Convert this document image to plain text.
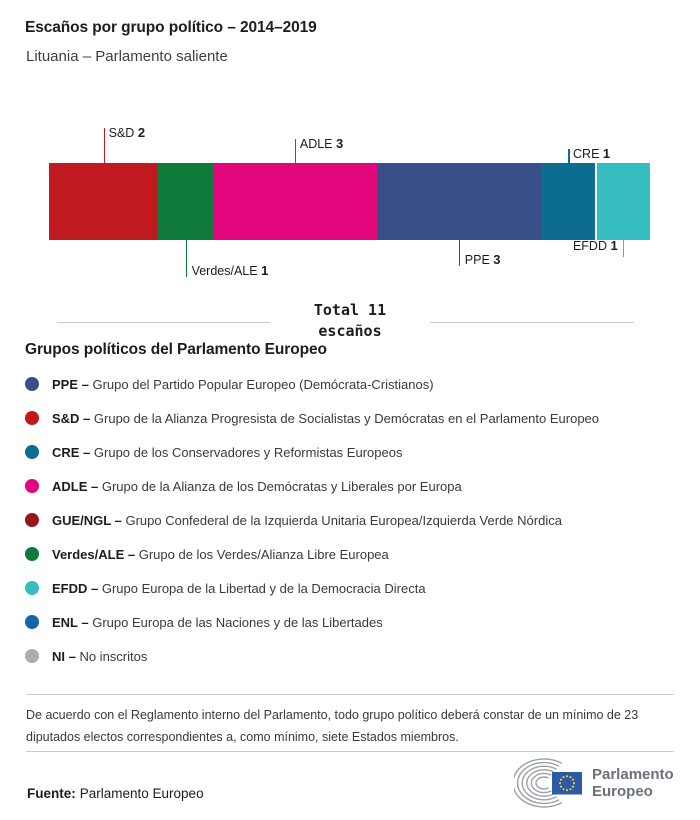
Escaños por grupo político – 2014–2019
Lituania – Parlamento saliente
S&D 2
Verdes/ALE 1
ADLE 3
PPE 3
CRE 1
EFDD 1
Total 11
escaños
Grupos políticos del Parlamento Europeo
PPE – Grupo del Partido Popular Europeo (Demócrata-Cristianos)
S&D – Grupo de la Alianza Progresista de Socialistas y Demócratas en el Parlamento Europeo
CRE – Grupo de los Conservadores y Reformistas Europeos
ADLE – Grupo de la Alianza de los Demócratas y Liberales por Europa
GUE/NGL – Grupo Confederal de la Izquierda Unitaria Europea/Izquierda Verde Nórdica
Verdes/ALE – Grupo de los Verdes/Alianza Libre Europea
EFDD – Grupo Europa de la Libertad y de la Democracia Directa
ENL – Grupo Europa de las Naciones y de las Libertades
NI – No inscritos
De acuerdo con el Reglamento interno del Parlamento, todo grupo político deberá constar de un mínimo de 23
diputados electos correspondientes a, como mínimo, siete Estados miembros.
Fuente: Parlamento Europeo
Parlamento
Europeo
